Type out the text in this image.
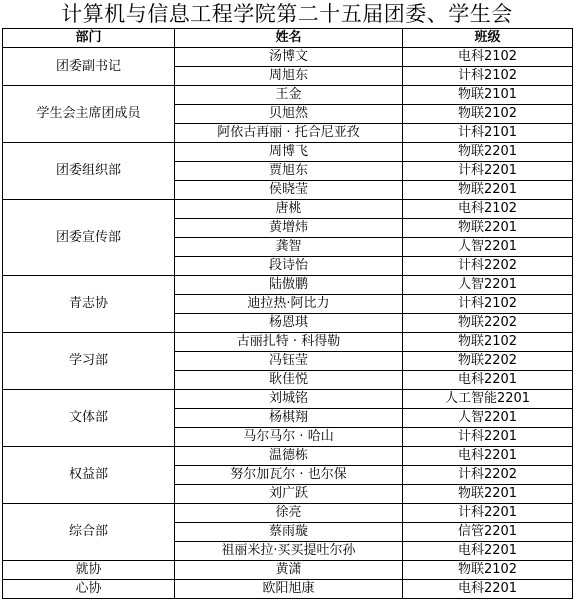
计算机与信息工程学院第二十五届团委、学生会
部门	姓名	班级
团委副书记	汤博文	电科2102
	周旭东	计科2102
学生会主席团成员	王金	物联2101
	贝旭然	物联2102
	阿依古再丽 · 托合尼亚孜	计科2101
团委组织部	周博飞	物联2201
	贾旭东	计科2201
	侯晓莹	物联2201
团委宣传部	唐桃	电科2102
	黄增炜	物联2201
	龚智	人智2201
	段诗怡	计科2202
青志协	陆傲鹏	人智2201
	迪拉热·阿比力	计科2102
	杨恩琪	物联2202
学习部	古丽扎特 · 科得勒	物联2102
	冯钰莹	物联2202
	耿佳悦	电科2201
文体部	刘城铭	人工智能2201
	杨棋翔	人智2201
	马尔马尔 · 哈山	计科2201
权益部	温德栋	电科2201
	努尔加瓦尔 · 也尔保	计科2202
	刘广跃	物联2201
综合部	徐亮	计科2201
	蔡雨璇	信管2201
	祖丽米拉·买买提吐尔孙	电科2201
就协	黄潇	物联2102
心协	欧阳旭康	电科2201
